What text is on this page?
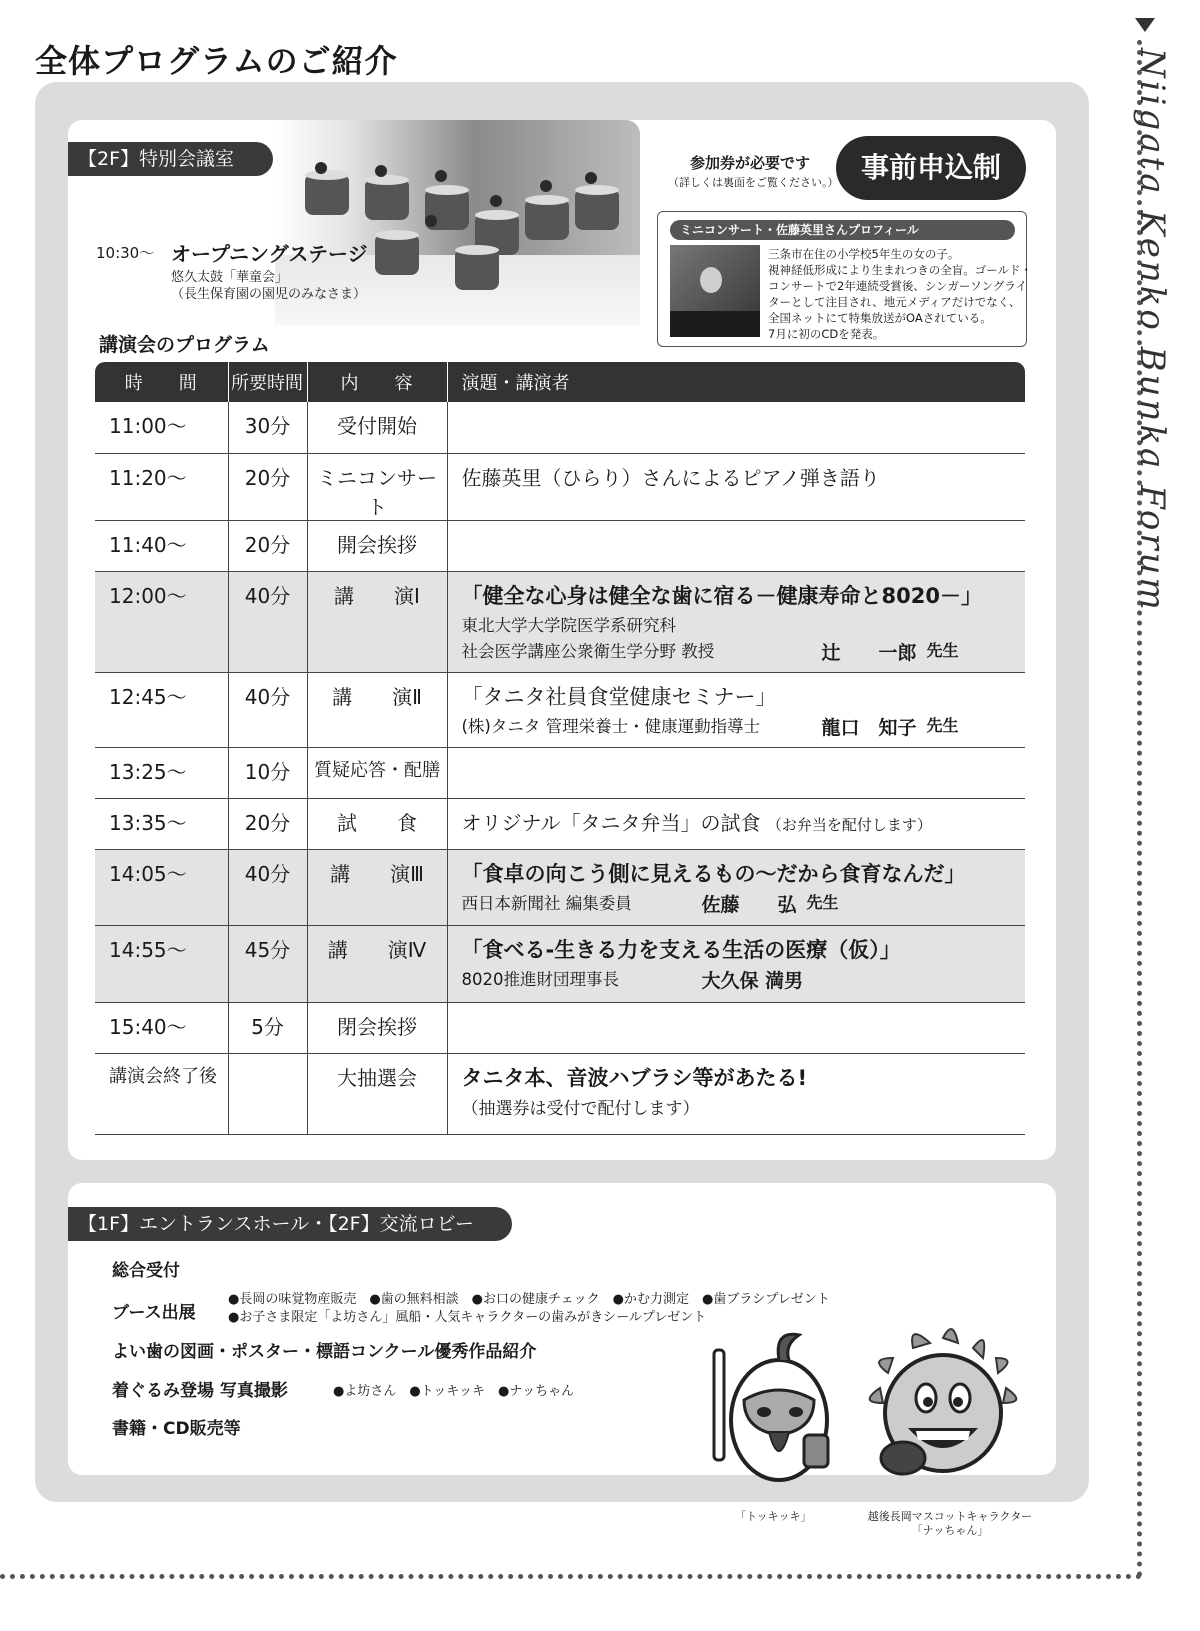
全体プログラムのご紹介	Niigata Kenko Bunka Forum
【2F】特別会議室
10:30〜 オープニングステージ
悠久太鼓「華童会」
（長生保育園の園児のみなさま）
参加券が必要です
（詳しくは裏面をご覧ください。） 事前申込制
ミニコンサート・佐藤英里さんプロフィール
三条市在住の小学校5年生の女の子。
視神経低形成により生まれつきの全盲。ゴールド・
コンサートで2年連続受賞後、シンガーソングライ
ターとして注目され、地元メディアだけでなく、
全国ネットにて特集放送がOAされている。
7月に初のCDを発表。
講演会のプログラム
時　　間	所要時間	内　　容	演題・講演者
11:00〜	30分	受付開始	
11:20〜	20分	ミニコンサート	佐藤英里（ひらり）さんによるピアノ弾き語り
11:40〜	20分	開会挨拶	
12:00〜	40分	講　　演Ⅰ	「健全な心身は健全な歯に宿る－健康寿命と8020－」
東北大学大学院医学系研究科
社会医学講座公衆衛生学分野 教授 辻　　一郎 先生

12:45〜	40分	講　　演Ⅱ	「タニタ社員食堂健康セミナー」
(株)タニタ 管理栄養士・健康運動指導士 龍口　知子 先生

13:25〜	10分	質疑応答・配膳	
13:35〜	20分	試　　食	オリジナル「タニタ弁当」の試食 （お弁当を配付します）
14:05〜	40分	講　　演Ⅲ	「食卓の向こう側に見えるもの〜だから食育なんだ」
西日本新聞社 編集委員 佐藤　　弘 先生

14:55〜	45分	講　　演Ⅳ	「食べる-生きる力を支える生活の医療（仮）」
8020推進財団理事長 大久保 満男

15:40〜	5分	閉会挨拶	
講演会終了後		大抽選会	タニタ本、音波ハブラシ等があたる!
（抽選券は受付で配付します）
【1F】エントランスホール・【2F】交流ロビー
総合受付
ブース出展
●長岡の味覚物産販売　●歯の無料相談　●お口の健康チェック　●かむ力測定　●歯ブラシプレゼント
●お子さま限定「よ坊さん」風船・人気キャラクターの歯みがきシールプレゼント
よい歯の図画・ポスター・標語コンクール優秀作品紹介
着ぐるみ登場 写真撮影	●よ坊さん　●トッキッキ　●ナッちゃん
書籍・CD販売等
「トッキッキ」	越後長岡マスコットキャラクター
「ナッちゃん」
